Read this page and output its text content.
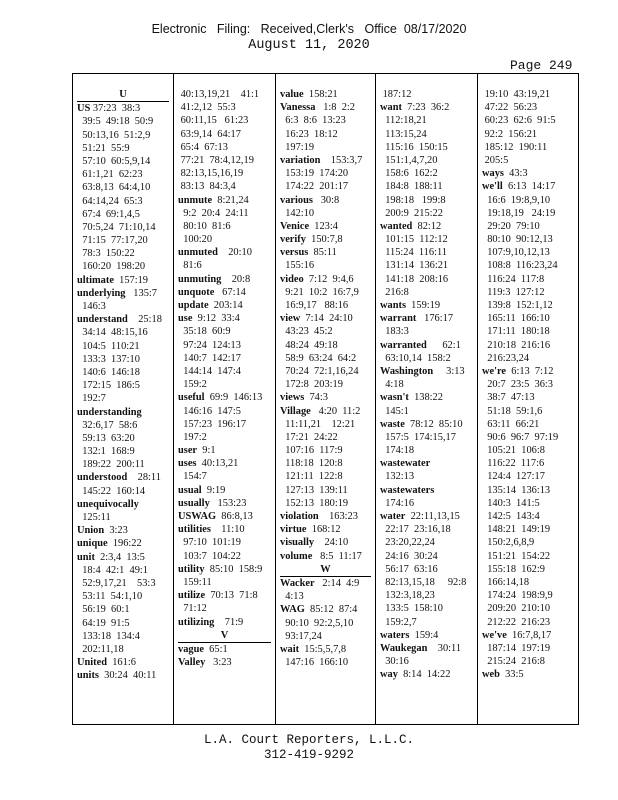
Electronic   Filing:   Received,Clerk's   Office  08/17/2020
August 11, 2020
Page 249
U
US 37:23  38:3
39:5  49:18  50:9
50:13,16  51:2,9
51:21  55:9
57:10  60:5,9,14
61:1,21  62:23
63:8,13  64:4,10
64:14,24  65:3
67:4  69:1,4,5
70:5,24  71:10,14
71:15  77:17,20
78:3  150:22
160:20  198:20
ultimate  157:19
underlying   135:7
146:3
understand    25:18
34:14  48:15,16
104:5  110:21
133:3  137:10
140:6  146:18
172:15  186:5
192:7
understanding
32:6,17  58:6
59:13  63:20
132:1  168:9
189:22  200:11
understood    28:11
145:22  160:14
unequivocally
125:11
Union  3:23
unique  196:22
unit  2:3,4  13:5
18:4  42:1  49:1
52:9,17,21    53:3
53:11  54:1,10
56:19  60:1
64:19  91:5
133:18  134:4
202:11,18
United  161:6
units  30:24  40:11
40:13,19,21    41:1
41:2,12  55:3
60:11,15   61:23
63:9,14  64:17
65:4  67:13
77:21  78:4,12,19
82:13,15,16,19
83:13  84:3,4
unmute  8:21,24
9:2  20:4  24:11
80:10  81:6
100:20
unmuted    20:10
81:6
unmuting    20:8
unquote   67:14
update  203:14
use  9:12  33:4
35:18  60:9
97:24  124:13
140:7  142:17
144:14  147:4
159:2
useful  69:9  146:13
146:16  147:5
157:23  196:17
197:2
user  9:1
uses  40:13,21
154:7
usual  9:19
usually   153:23
USWAG  86:8,13
utilities    11:10
97:10  101:19
103:7  104:22
utility  85:10  158:9
159:11
utilize  70:13  71:8
71:12
utilizing    71:9
V
vague  65:1
Valley   3:23
value  158:21
Vanessa   1:8  2:2
6:3  8:6  13:23
16:23  18:12
197:19
variation    153:3,7
153:19  174:20
174:22  201:17
various   30:8
142:10
Venice  123:4
verify  150:7,8
versus  85:11
155:16
video  7:12  9:4,6
9:21  10:2  16:7,9
16:9,17   88:16
view  7:14  24:10
43:23  45:2
48:24  49:18
58:9  63:24  64:2
70:24  72:1,16,24
172:8  203:19
views  74:3
Village   4:20  11:2
11:11,21    12:21
17:21  24:22
107:16  117:9
118:18  120:8
121:11  122:8
127:13  139:11
152:13  180:19
violation    163:23
virtue  168:12
visually    24:10
volume   8:5  11:17
W
Wacker   2:14  4:9
4:13
WAG  85:12  87:4
90:10  92:2,5,10
93:17,24
wait  15:5,5,7,8
147:16  166:10
187:12
want  7:23  36:2
112:18,21
113:15,24
115:16  150:15
151:1,4,7,20
158:6  162:2
184:8  188:11
198:18   199:8
200:9  215:22
wanted  82:12
101:15  112:12
115:24  116:11
131:14  136:21
141:18  208:16
216:8
wants  159:19
warrant   176:17
183:3
warranted      62:1
63:10,14  158:2
Washington     3:13
4:18
wasn't  138:22
145:1
waste  78:12  85:10
157:5  174:15,17
174:18
wastewater
132:13
wastewaters
174:16
water  22:11,13,15
22:17  23:16,18
23:20,22,24
24:16  30:24
56:17  63:16
82:13,15,18     92:8
132:3,18,23
133:5  158:10
159:2,7
waters  159:4
Waukegan    30:11
30:16
way  8:14  14:22
19:10  43:19,21
47:22  56:23
60:23  62:6  91:5
92:2  156:21
185:12  190:11
205:5
ways  43:3
we'll  6:13  14:17
16:6  19:8,9,10
19:18,19   24:19
29:20  79:10
80:10  90:12,13
107:9,10,12,13
108:8  116:23,24
116:24  117:8
119:3  127:12
139:8  152:1,12
165:11  166:10
171:11  180:18
210:18  216:16
216:23,24
we're  6:13  7:12
20:7  23:5  36:3
38:7  47:13
51:18  59:1,6
63:11  66:21
90:6  96:7  97:19
105:21  106:8
116:22  117:6
124:4  127:17
135:14  136:13
140:3  141:5
142:5  143:4
148:21  149:19
150:2,6,8,9
151:21  154:22
155:18  162:9
166:14,18
174:24  198:9,9
209:20  210:10
212:22  216:23
we've  16:7,8,17
187:14  197:19
215:24  216:8
web  33:5
L.A. Court Reporters, L.L.C.
312-419-9292
